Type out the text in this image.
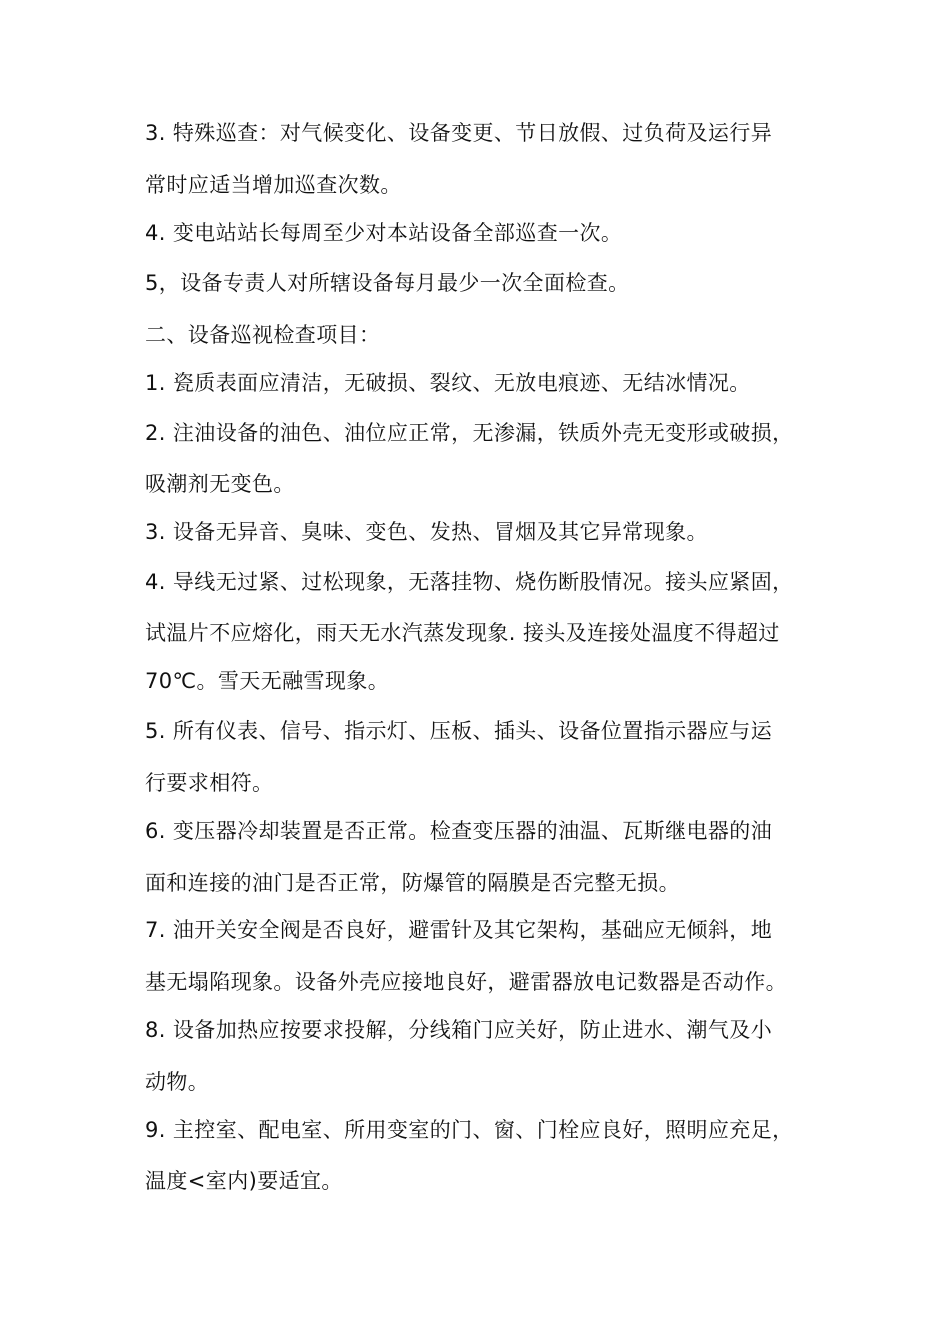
3. 特殊巡查：对气候变化、设备变更、节日放假、过负荷及运行异
常时应适当增加巡查次数。
4. 变电站站长每周至少对本站设备全部巡查一次。
5，设备专责人对所辖设备每月最少一次全面检查。
二、设备巡视检查项目：
1. 瓷质表面应清洁，无破损、裂纹、无放电痕迹、无结冰情况。
2. 注油设备的油色、油位应正常，无渗漏，铁质外壳无变形或破损，
吸潮剂无变色。
3. 设备无异音、臭味、变色、发热、冒烟及其它异常现象。
4. 导线无过紧、过松现象，无落挂物、烧伤断股情况。接头应紧固，
试温片不应熔化，雨天无水汽蒸发现象. 接头及连接处温度不得超过
70℃。雪天无融雪现象。
5. 所有仪表、信号、指示灯、压板、插头、设备位置指示器应与运
行要求相符。
6. 变压器冷却装置是否正常。检查变压器的油温、瓦斯继电器的油
面和连接的油门是否正常，防爆管的隔膜是否完整无损。
7. 油开关安全阀是否良好，避雷针及其它架构，基础应无倾斜，地
基无塌陷现象。设备外壳应接地良好，避雷器放电记数器是否动作。
8. 设备加热应按要求投解，分线箱门应关好，防止进水、潮气及小
动物。
9. 主控室、配电室、所用变室的门、窗、门栓应良好，照明应充足，
温度<室内)要适宜。
